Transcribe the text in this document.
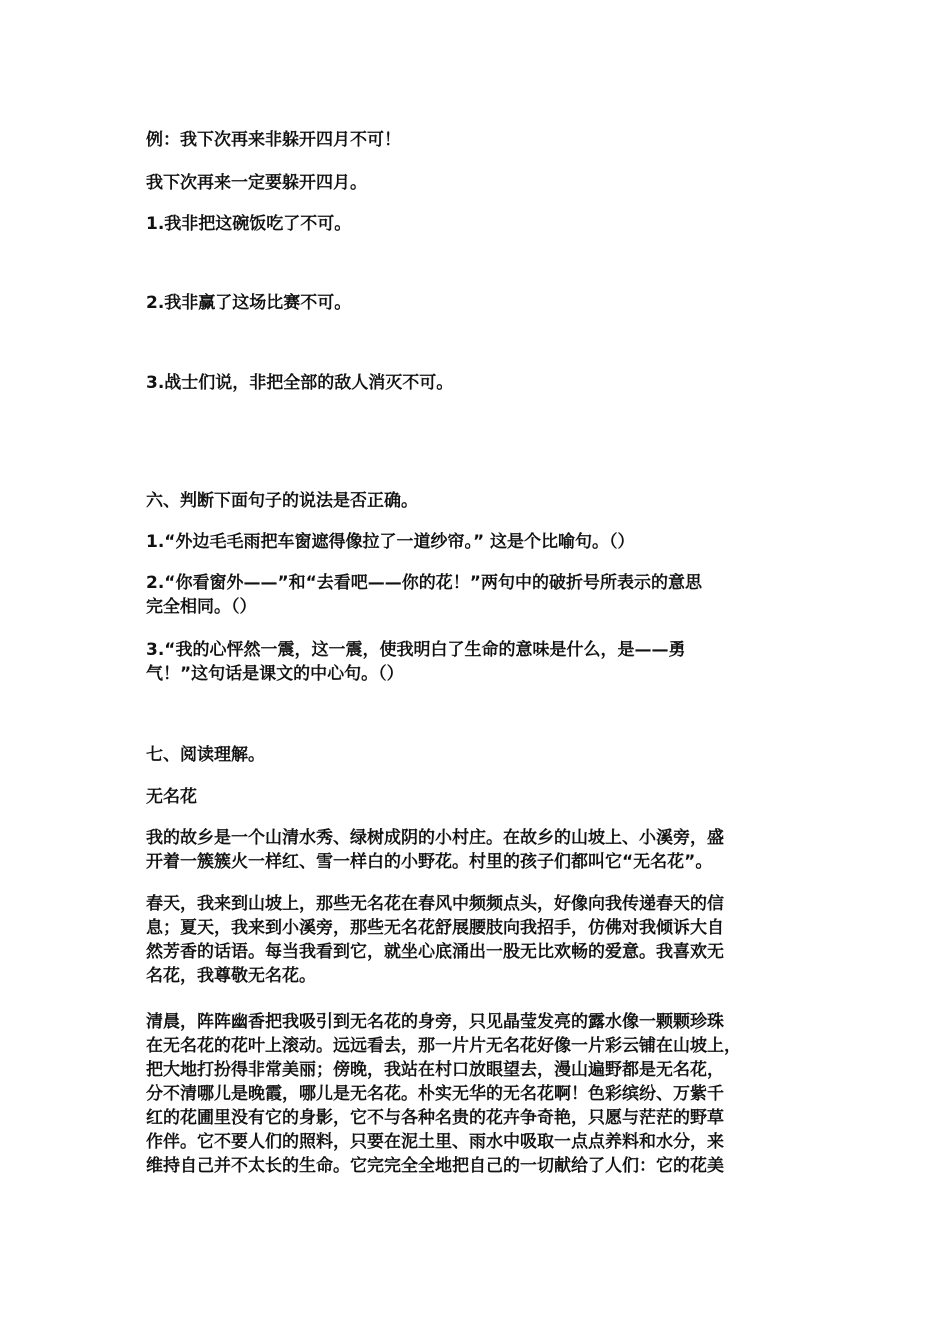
例：我下次再来非躲开四月不可！
我下次再来一定要躲开四月。
1.我非把这碗饭吃了不可。
2.我非赢了这场比赛不可。
3.战士们说，非把全部的敌人消灭不可。
六、判断下面句子的说法是否正确。
1.“外边毛毛雨把车窗遮得像拉了一道纱帘。” 这是个比喻句。（）
2.“你看窗外——”和“去看吧——你的花！”两句中的破折号所表示的意思
完全相同。（）
3.“我的心怦然一震，这一震，使我明白了生命的意味是什么，是——勇
气！”这句话是课文的中心句。（）
七、阅读理解。
无名花
我的故乡是一个山清水秀、绿树成阴的小村庄。在故乡的山坡上、小溪旁，盛
开着一簇簇火一样红、雪一样白的小野花。村里的孩子们都叫它“无名花”。
春天，我来到山坡上，那些无名花在春风中频频点头，好像向我传递春天的信
息；夏天，我来到小溪旁，那些无名花舒展腰肢向我招手，仿佛对我倾诉大自
然芳香的话语。每当我看到它，就坐心底涌出一股无比欢畅的爱意。我喜欢无
名花，我尊敬无名花。
清晨，阵阵幽香把我吸引到无名花的身旁，只见晶莹发亮的露水像一颗颗珍珠
在无名花的花叶上滚动。远远看去，那一片片无名花好像一片彩云铺在山坡上，
把大地打扮得非常美丽；傍晚，我站在村口放眼望去，漫山遍野都是无名花，
分不清哪儿是晚霞，哪儿是无名花。朴实无华的无名花啊！色彩缤纷、万紫千
红的花圃里没有它的身影，它不与各种名贵的花卉争奇艳，只愿与茫茫的野草
作伴。它不要人们的照料，只要在泥土里、雨水中吸取一点点养料和水分，来
维持自己并不太长的生命。它完完全全地把自己的一切献给了人们：它的花美
